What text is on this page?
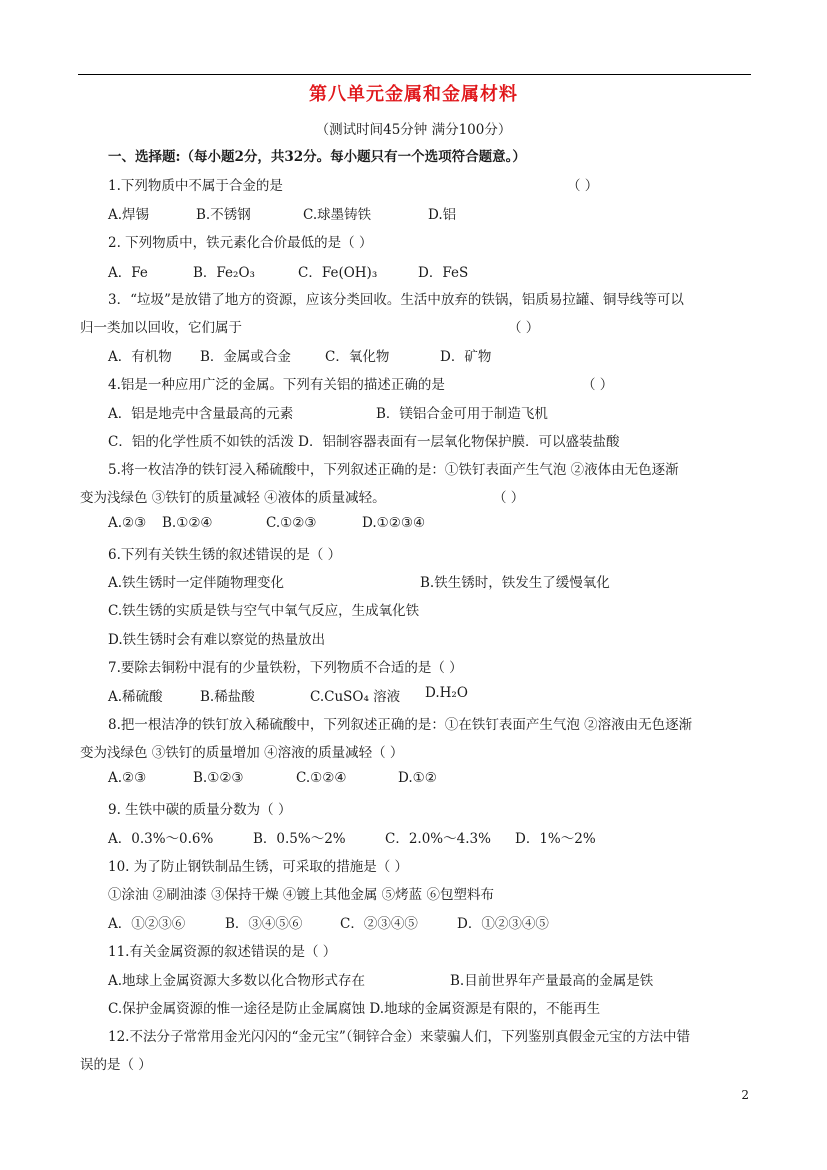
第八单元金属和金属材料
（测试时间45分钟 满分100分）
一、选择题:（每小题2分，共32分。每小题只有一个选项符合题意。）
1.下列物质中不属于合金的是	（ ）
A.焊锡	B.不锈钢	C.球墨铸铁	D.铝
2. 下列物质中，铁元素化合价最低的是（ ）
A．Fe	B．Fe₂O₃	C．Fe(OH)₃	D．FeS
3．“垃圾”是放错了地方的资源，应该分类回收。生活中放弃的铁锅，铝质易拉罐、铜导线等可以
归一类加以回收，它们属于	（ ）
A．有机物 B．金属或合金	C．氧化物	D．矿物
4.铝是一种应用广泛的金属。下列有关铝的描述正确的是	（ ）
A．铝是地壳中含量最高的元素	B．镁铝合金可用于制造飞机
C．铝的化学性质不如铁的活泼 D．铝制容器表面有一层氧化物保护膜．可以盛装盐酸
5.将一枚洁净的铁钉浸入稀硫酸中，下列叙述正确的是：①铁钉表面产生气泡 ②液体由无色逐渐
变为浅绿色 ③铁钉的质量减轻 ④液体的质量减轻。	（ ）
A.②③ B.①②④	C.①②③	D.①②③④
6.下列有关铁生锈的叙述错误的是（ ）
A.铁生锈时一定伴随物理变化	B.铁生锈时，铁发生了缓慢氧化
C.铁生锈的实质是铁与空气中氧气反应，生成氧化铁
D.铁生锈时会有难以察觉的热量放出
7.要除去铜粉中混有的少量铁粉，下列物质不合适的是（ ）
A.稀硫酸	B.稀盐酸	C.CuSO₄ 溶液 D.H₂O
8.把一根洁净的铁钉放入稀硫酸中，下列叙述正确的是：①在铁钉表面产生气泡 ②溶液由无色逐渐
变为浅绿色 ③铁钉的质量增加 ④溶液的质量减轻（ ）
A.②③	B.①②③	C.①②④	D.①②
9. 生铁中碳的质量分数为（ ）
A．0.3%～0.6%	B．0.5%～2%	C．2.0%～4.3% D．1%～2%
10. 为了防止钢铁制品生锈，可采取的措施是（ ）
①涂油 ②刷油漆 ③保持干燥 ④镀上其他金属 ⑤烤蓝 ⑥包塑料布
A．①②③⑥	B．③④⑤⑥	C．②③④⑤	D．①②③④⑤
11.有关金属资源的叙述错误的是（ ）
A.地球上金属资源大多数以化合物形式存在	B.目前世界年产量最高的金属是铁
C.保护金属资源的惟一途径是防止金属腐蚀 D.地球的金属资源是有限的，不能再生
12.不法分子常常用金光闪闪的“金元宝”（铜锌合金）来蒙骗人们，下列鉴别真假金元宝的方法中错
误的是（ ）
2
